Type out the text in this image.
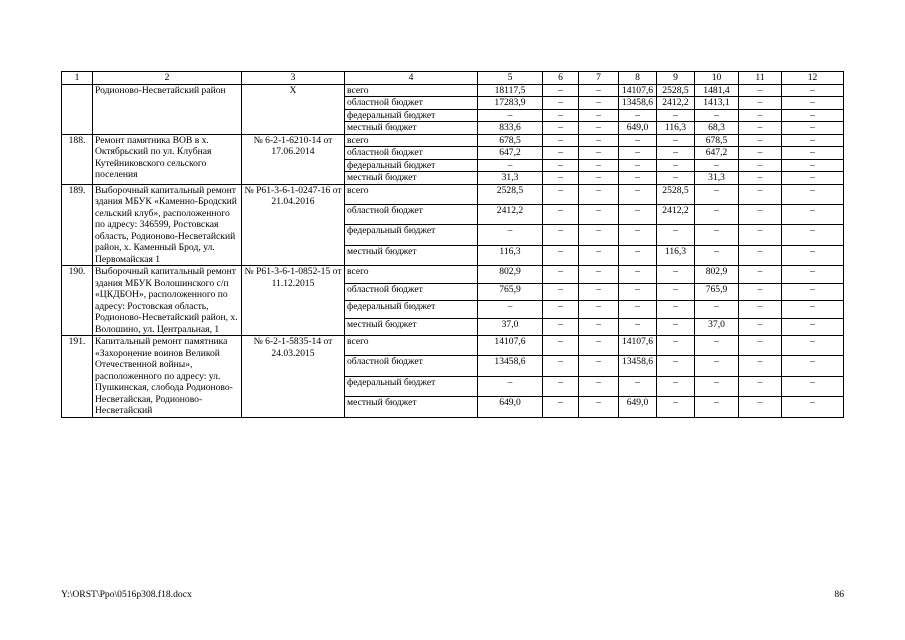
1	2	3	4	5	6	7	8	9	10	11	12
	Родионово-Несветайский район	Х	всего	18117,5	–	–	14107,6	2528,5	1481,4	–	–
			областной бюджет	17283,9	–	–	13458,6	2412,2	1413,1	–	–
			федеральный бюджет	–	–	–	–	–	–	–	–
			местный бюджет	833,6	–	–	649,0	116,3	68,3	–	–
188.	Ремонт памятника ВОВ в х. Октябрьский по ул. Клубная Кутейниковского сельского поселения	№ 6-2-1-6210-14 от 17.06.2014	всего	678,5	–	–	–	–	678,5	–	–
			областной бюджет	647,2	–	–	–	–	647,2	–	–
			федеральный бюджет	–	–	–	–	–	–	–	–
			местный бюджет	31,3	–	–	–	–	31,3	–	–
189.	Выборочный капитальный ремонт здания МБУК «Каменно-Бродский сельский клуб», расположенного по адресу: 346599, Ростовская область, Родионово-Несветайский район, х. Каменный Брод, ул. Первомайская 1	№ Р61-3-6-1-0247-16 от 21.04.2016	всего	2528,5	–	–	–	2528,5	–	–	–
			областной бюджет	2412,2	–	–	–	2412,2	–	–	–
			федеральный бюджет	–	–	–	–	–	–	–	–
			местный бюджет	116,3	–	–	–	116,3	–	–	–
190.	Выборочный капитальный ремонт здания МБУК Волошинского с/п «ЦКДБОН», расположенного по адресу: Ростовская область, Родионово-Несветайский район, х. Волошино, ул. Центральная, 1	№ Р61-3-6-1-0852-15 от 11.12.2015	всего	802,9	–	–	–	–	802,9	–	–
			областной бюджет	765,9	–	–	–	–	765,9	–	–
			федеральный бюджет	–	–	–	–	–	–	–	–
			местный бюджет	37,0	–	–	–	–	37,0	–	–
191.	Капитальный ремонт памятника «Захоронение воинов Великой Отечественной войны», расположенного по адресу: ул. Пушкинская, слобода Родионово-Несветайская, Родионово-Несветайский	№ 6-2-1-5835-14 от 24.03.2015	всего	14107,6	–	–	14107,6	–	–	–	–
			областной бюджет	13458,6	–	–	13458,6	–	–	–	–
			федеральный бюджет	–	–	–	–	–	–	–	–
			местный бюджет	649,0	–	–	649,0	–	–	–	–
Y:\ORST\Ppo\0516p308.f18.docx	86
